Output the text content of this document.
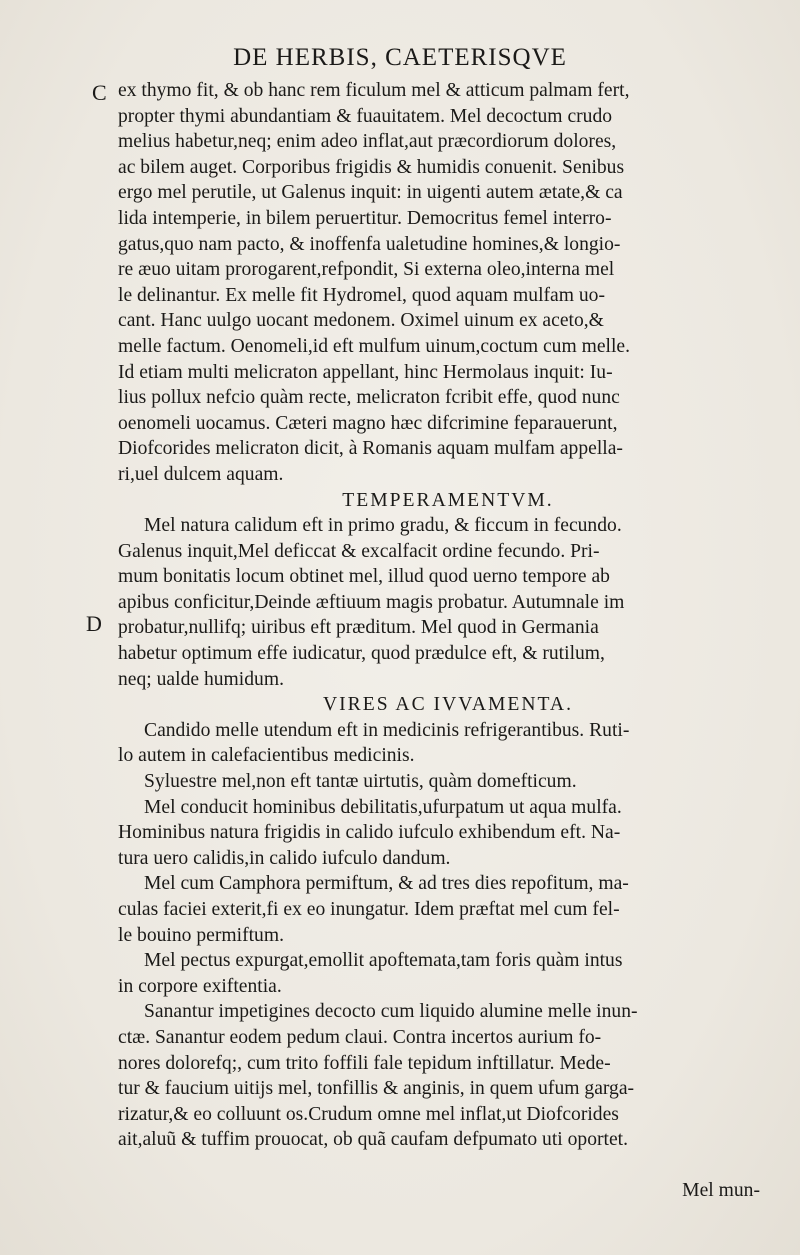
DE HERBIS, CAETERISQVE
C
D
ex thymo fit, & ob hanc rem ficulum mel & atticum palmam fert,
propter thymi abundantiam & fuauitatem. Mel decoctum crudo
melius habetur,neq; enim adeo inflat,aut præcordiorum dolores,
ac bilem auget. Corporibus frigidis & humidis conuenit. Senibus
ergo mel perutile, ut Galenus inquit: in uigenti autem ætate,& ca
lida intemperie, in bilem peruertitur. Democritus femel interro-
gatus,quo nam pacto, & inoffenfa ualetudine homines,& longio-
re æuo uitam prorogarent,refpondit, Si externa oleo,interna mel
le delinantur. Ex melle fit Hydromel, quod aquam mulfam uo-
cant. Hanc uulgo uocant medonem. Oximel uinum ex aceto,&
melle factum. Oenomeli,id eft mulfum uinum,coctum cum melle.
Id etiam multi melicraton appellant, hinc Hermolaus inquit: Iu-
lius pollux nefcio quàm recte, melicraton fcribit effe, quod nunc
oenomeli uocamus. Cæteri magno hæc difcrimine feparauerunt,
Diofcorides melicraton dicit, à Romanis aquam mulfam appella-
ri,uel dulcem aquam.
TEMPERAMENTVM.
Mel natura calidum eft in primo gradu, & ficcum in fecundo.
Galenus inquit,Mel deficcat & excalfacit ordine fecundo. Pri-
mum bonitatis locum obtinet mel, illud quod uerno tempore ab
apibus conficitur,Deinde æftiuum magis probatur. Autumnale im
probatur,nullifq; uiribus eft præditum. Mel quod in Germania
habetur optimum effe iudicatur, quod prædulce eft, & rutilum,
neq; ualde humidum.
VIRES AC IVVAMENTA.
Candido melle utendum eft in medicinis refrigerantibus. Ruti-
lo autem in calefacientibus medicinis.
Syluestre mel,non eft tantæ uirtutis, quàm domefticum.
Mel conducit hominibus debilitatis,ufurpatum ut aqua mulfa.
Hominibus natura frigidis in calido iufculo exhibendum eft. Na-
tura uero calidis,in calido iufculo dandum.
Mel cum Camphora permiftum, & ad tres dies repofitum, ma-
culas faciei exterit,fi ex eo inungatur. Idem præftat mel cum fel-
le bouino permiftum.
Mel pectus expurgat,emollit apoftemata,tam foris quàm intus
in corpore exiftentia.
Sanantur impetigines decocto cum liquido alumine melle inun-
ctæ. Sanantur eodem pedum claui. Contra incertos aurium fo-
nores dolorefq;, cum trito foffili fale tepidum inftillatur. Mede-
tur & faucium uitijs mel, tonfillis & anginis, in quem ufum garga-
rizatur,& eo colluunt os.Crudum omne mel inflat,ut Diofcorides
ait,aluũ & tuffim prouocat, ob quã caufam defpumato uti oportet.
Mel mun-
